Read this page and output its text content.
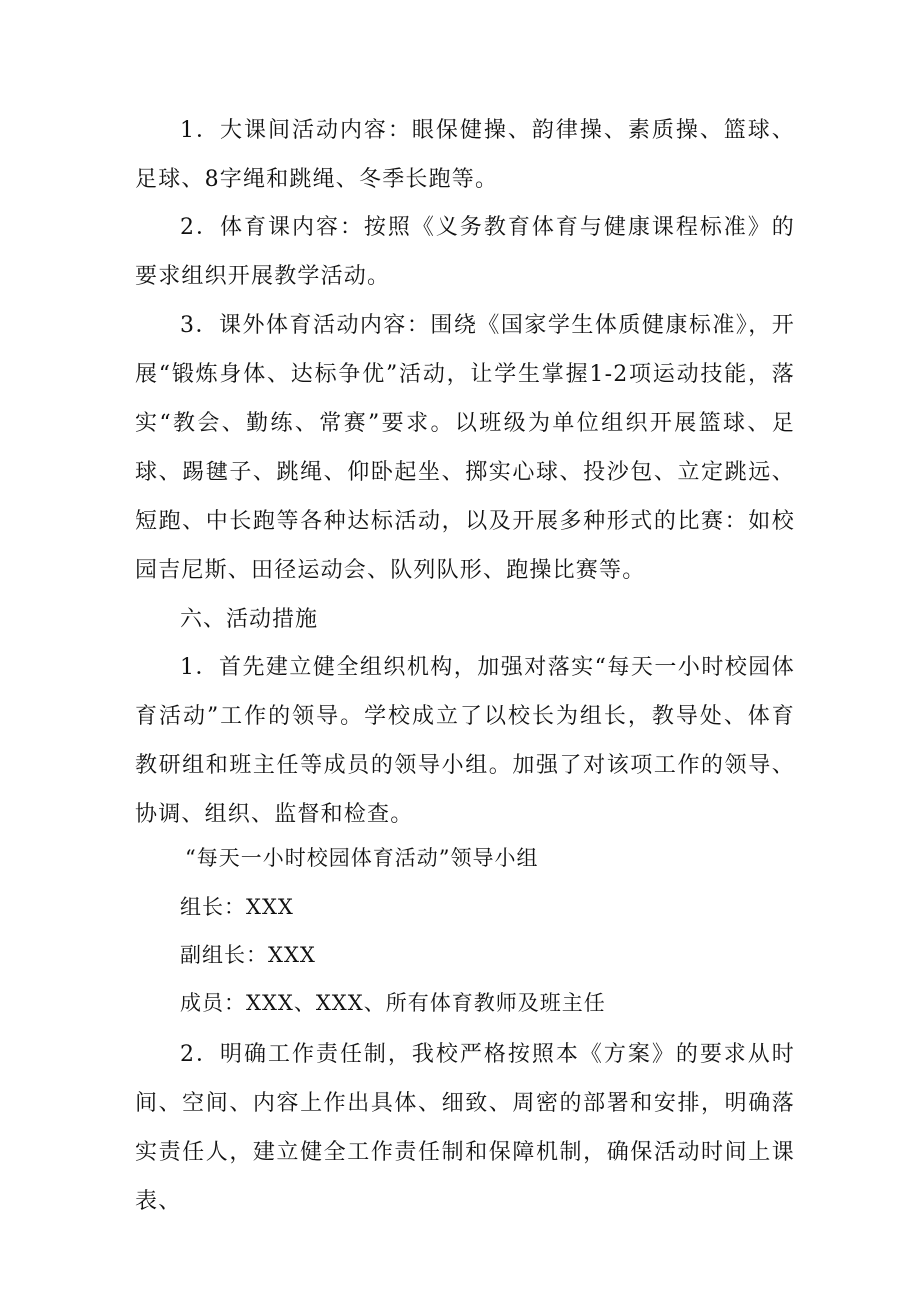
1．大课间活动内容：眼保健操、韵律操、素质操、篮球、足球、8字绳和跳绳、冬季长跑等。

2．体育课内容：按照《义务教育体育与健康课程标准》的要求组织开展教学活动。

3．课外体育活动内容：围绕《国家学生体质健康标准》，开展“锻炼身体、达标争优”活动，让学生掌握1-2项运动技能，落实“教会、勤练、常赛”要求。以班级为单位组织开展篮球、足球、踢毽子、跳绳、仰卧起坐、掷实心球、投沙包、立定跳远、短跑、中长跑等各种达标活动，以及开展多种形式的比赛：如校园吉尼斯、田径运动会、队列队形、跑操比赛等。

六、活动措施

1．首先建立健全组织机构，加强对落实“每天一小时校园体育活动”工作的领导。学校成立了以校长为组长，教导处、体育教研组和班主任等成员的领导小组。加强了对该项工作的领导、协调、组织、监督和检查。

“每天一小时校园体育活动”领导小组

组长：XXX

副组长：XXX

成员：XXX、XXX、所有体育教师及班主任

2．明确工作责任制，我校严格按照本《方案》的要求从时间、空间、内容上作出具体、细致、周密的部署和安排，明确落实责任人，建立健全工作责任制和保障机制，确保活动时间上课表、
